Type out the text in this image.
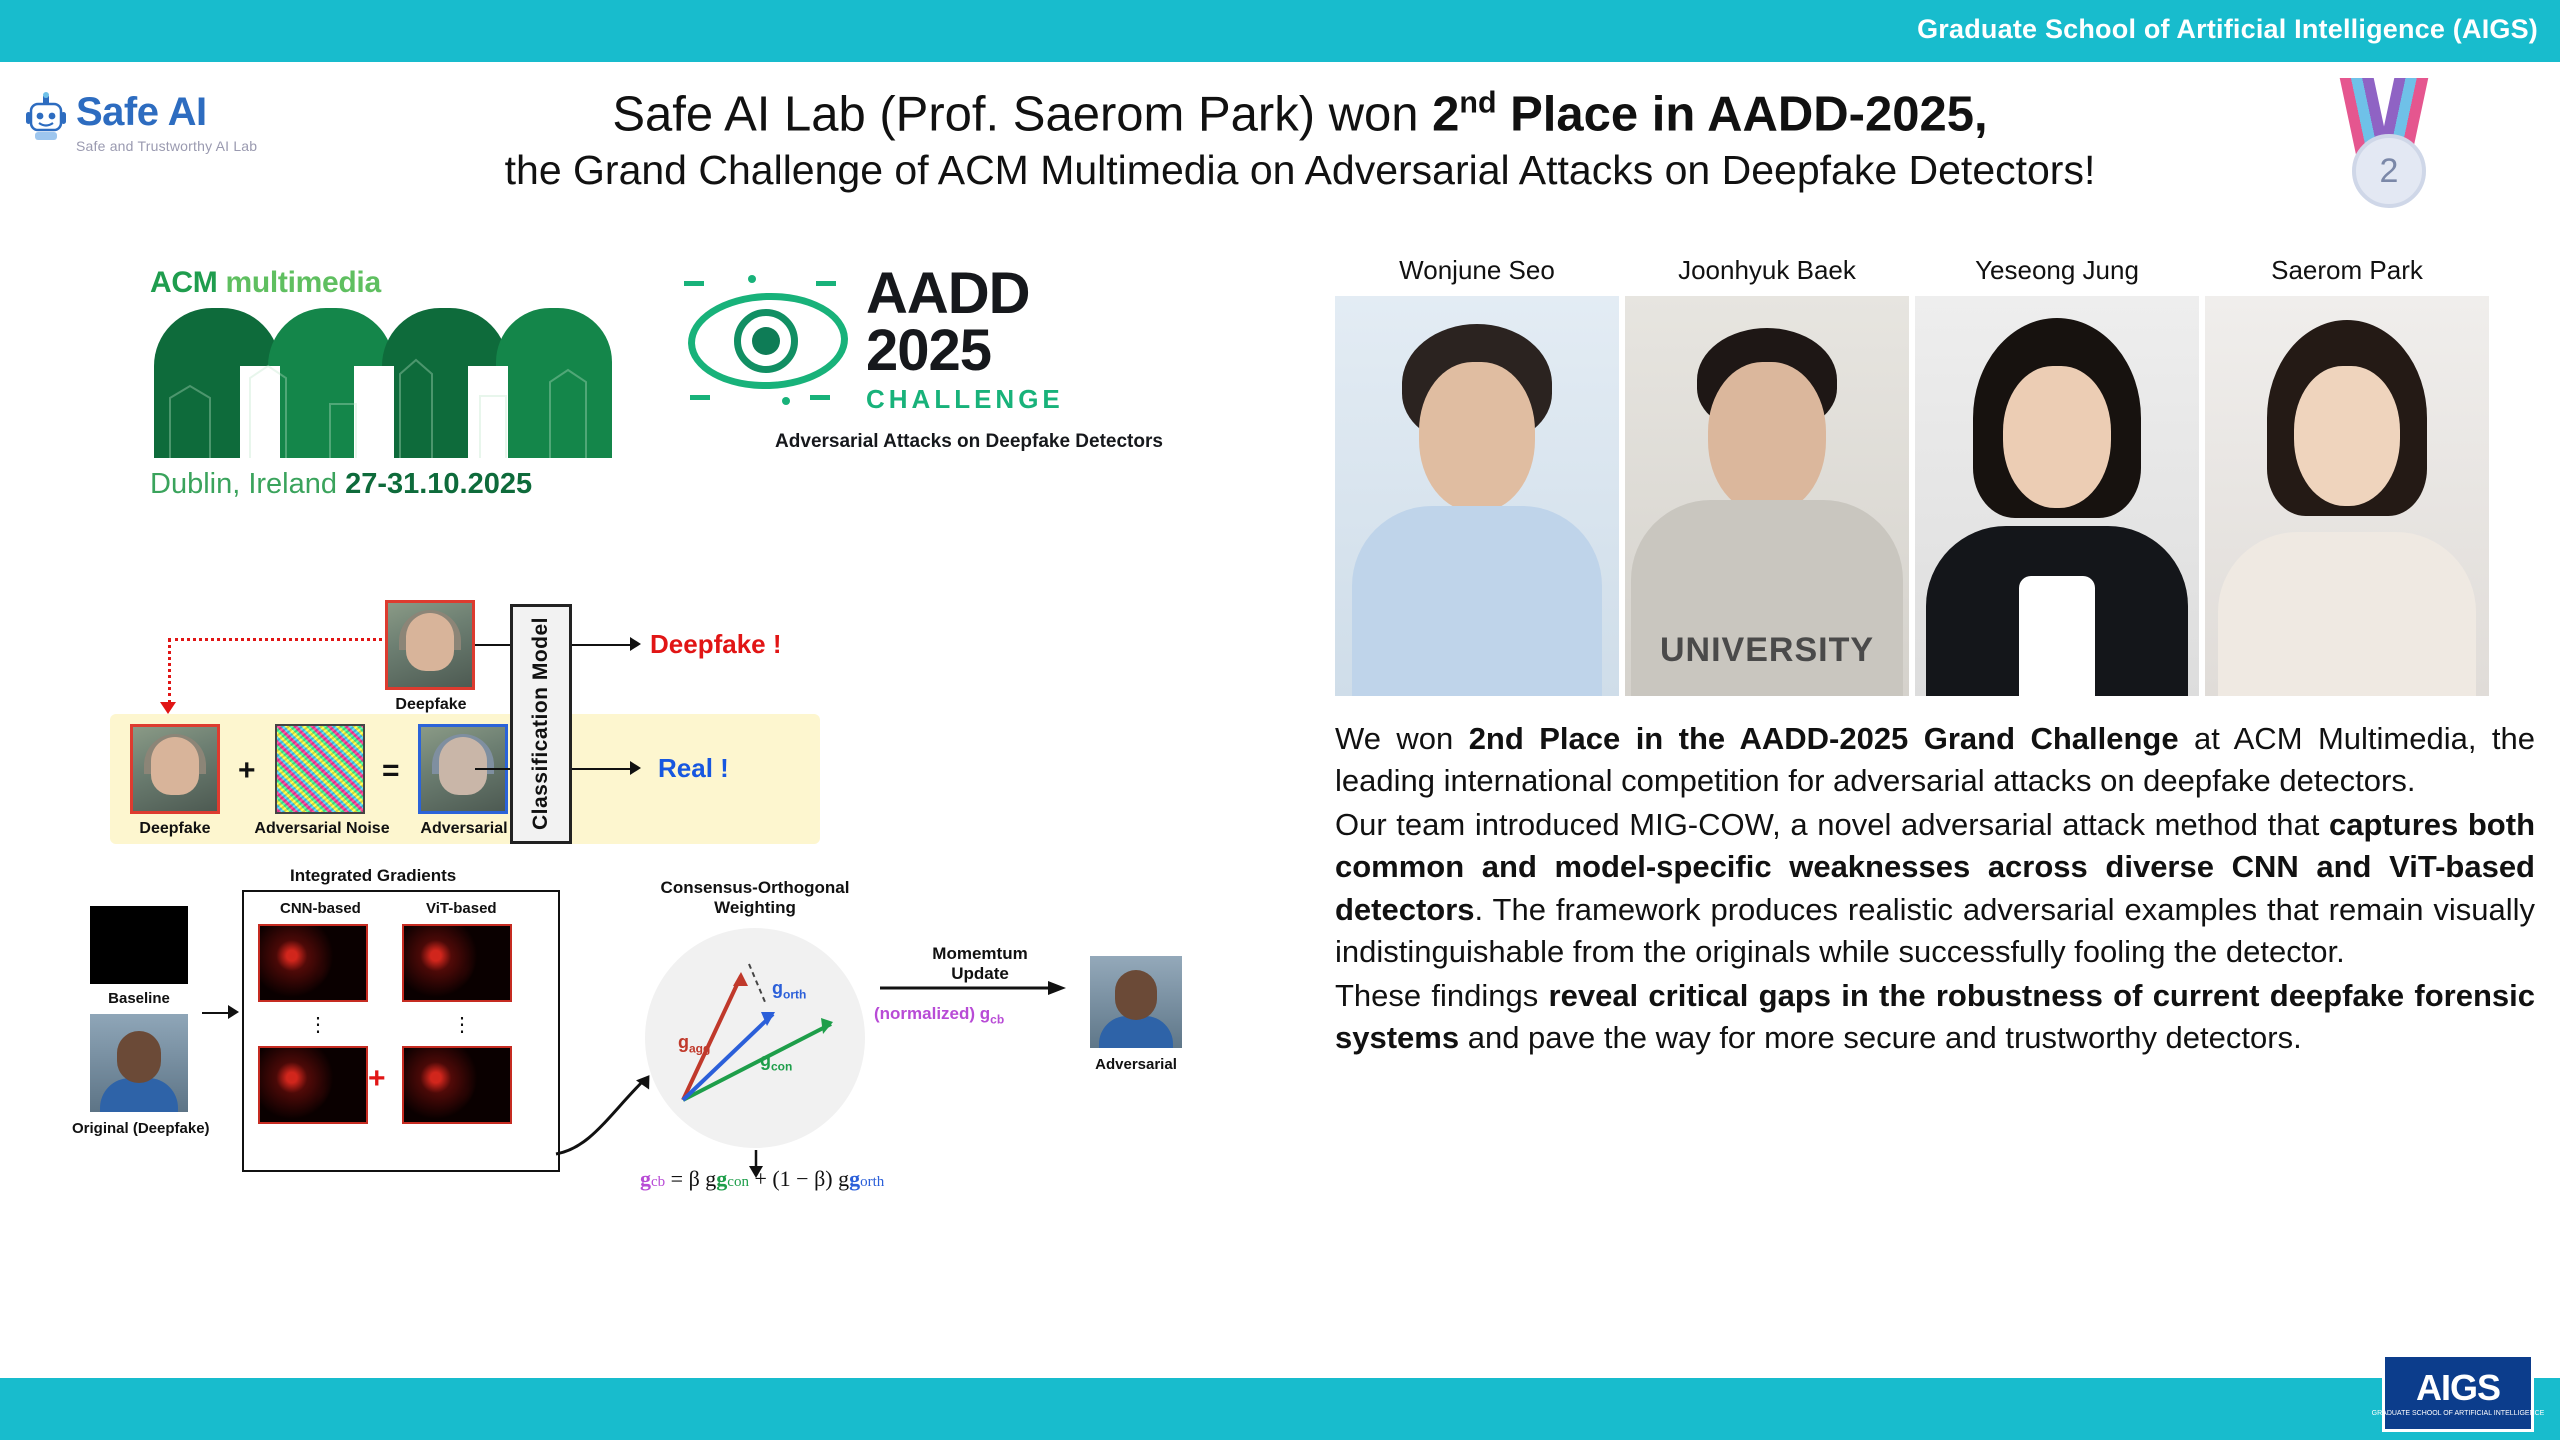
Graduate School of Artificial Intelligence (AIGS)
Safe AI
Safe and Trustworthy AI Lab
Safe AI Lab (Prof. Saerom Park) won 2nd Place in AADD-2025,
the Grand Challenge of ACM Multimedia on Adversarial Attacks on Deepfake Detectors!	2
ACM multimedia
Dublin, Ireland 27-31.10.2025
AADD
2025
CHALLENGE
Adversarial Attacks on Deepfake Detectors
Deepfake
+	=
Deepfake	Adversarial Noise	Adversarial	Classification Model	Deepfake !
Real !
Integrated Gradients
CNN-based	ViT-based
⋮	⋮
+
Baseline
Original (Deepfake)
Consensus-Orthogonal
Weighting
$g_{agg}$
$g_{orth}$
$g_{con}$
Momemtum
Update
(normalized) $g_{cb}$
Adversarial
gcb = β ggcon + (1 − β) ggorth
Wonjune Seo	Joonhyuk Baek
UNIVERSITY
Yeseong Jung	Saerom Park

We won 2nd Place in the AADD-2025 Grand Challenge at ACM Multimedia, the leading international competition for adversarial attacks on deepfake detectors.

Our team introduced MIG-COW, a novel adversarial attack method that captures both common and model-specific weaknesses across diverse CNN and ViT-based detectors. The framework produces realistic adversarial examples that remain visually indistinguishable from the originals while successfully fooling the detector.

These findings reveal critical gaps in the robustness of current deepfake forensic systems and pave the way for more secure and trustworthy detectors.

AIGS
GRADUATE SCHOOL OF ARTIFICIAL INTELLIGENCE
